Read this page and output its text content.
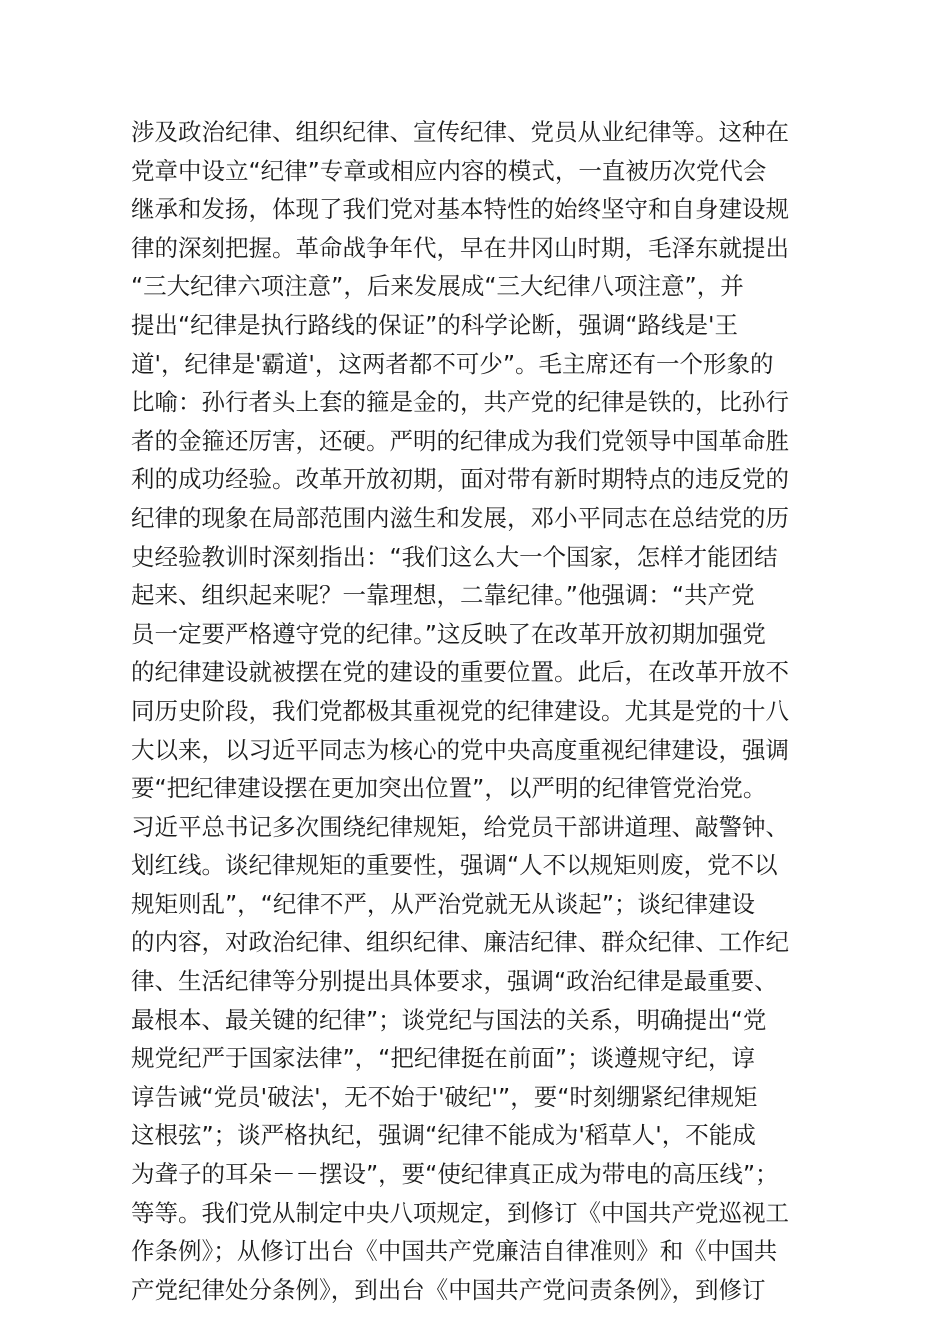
涉及政治纪律、组织纪律、宣传纪律、党员从业纪律等。这种在
党章中设立“纪律”专章或相应内容的模式，一直被历次党代会
继承和发扬，体现了我们党对基本特性的始终坚守和自身建设规
律的深刻把握。革命战争年代，早在井冈山时期，毛泽东就提出
“三大纪律六项注意”，后来发展成“三大纪律八项注意”，并
提出“纪律是执行路线的保证”的科学论断，强调“路线是'王
道'，纪律是'霸道'，这两者都不可少”。毛主席还有一个形象的
比喻：孙行者头上套的箍是金的，共产党的纪律是铁的，比孙行
者的金箍还厉害，还硬。严明的纪律成为我们党领导中国革命胜
利的成功经验。改革开放初期，面对带有新时期特点的违反党的
纪律的现象在局部范围内滋生和发展，邓小平同志在总结党的历
史经验教训时深刻指出：“我们这么大一个国家，怎样才能团结
起来、组织起来呢？一靠理想，二靠纪律。”他强调：“共产党
员一定要严格遵守党的纪律。”这反映了在改革开放初期加强党
的纪律建设就被摆在党的建设的重要位置。此后，在改革开放不
同历史阶段，我们党都极其重视党的纪律建设。尤其是党的十八
大以来，以习近平同志为核心的党中央高度重视纪律建设，强调
要“把纪律建设摆在更加突出位置”，以严明的纪律管党治党。
习近平总书记多次围绕纪律规矩，给党员干部讲道理、敲警钟、
划红线。谈纪律规矩的重要性，强调“人不以规矩则废，党不以
规矩则乱”，“纪律不严，从严治党就无从谈起”；谈纪律建设
的内容，对政治纪律、组织纪律、廉洁纪律、群众纪律、工作纪
律、生活纪律等分别提出具体要求，强调“政治纪律是最重要、
最根本、最关键的纪律”；谈党纪与国法的关系，明确提出“党
规党纪严于国家法律”，“把纪律挺在前面”；谈遵规守纪，谆
谆告诫“党员'破法'，无不始于'破纪'”，要“时刻绷紧纪律规矩
这根弦”；谈严格执纪，强调“纪律不能成为'稻草人'，不能成
为聋子的耳朵－－摆设”，要“使纪律真正成为带电的高压线”；
等等。我们党从制定中央八项规定，到修订《中国共产党巡视工
作条例》；从修订出台《中国共产党廉洁自律准则》和《中国共
产党纪律处分条例》，到出台《中国共产党问责条例》，到修订
